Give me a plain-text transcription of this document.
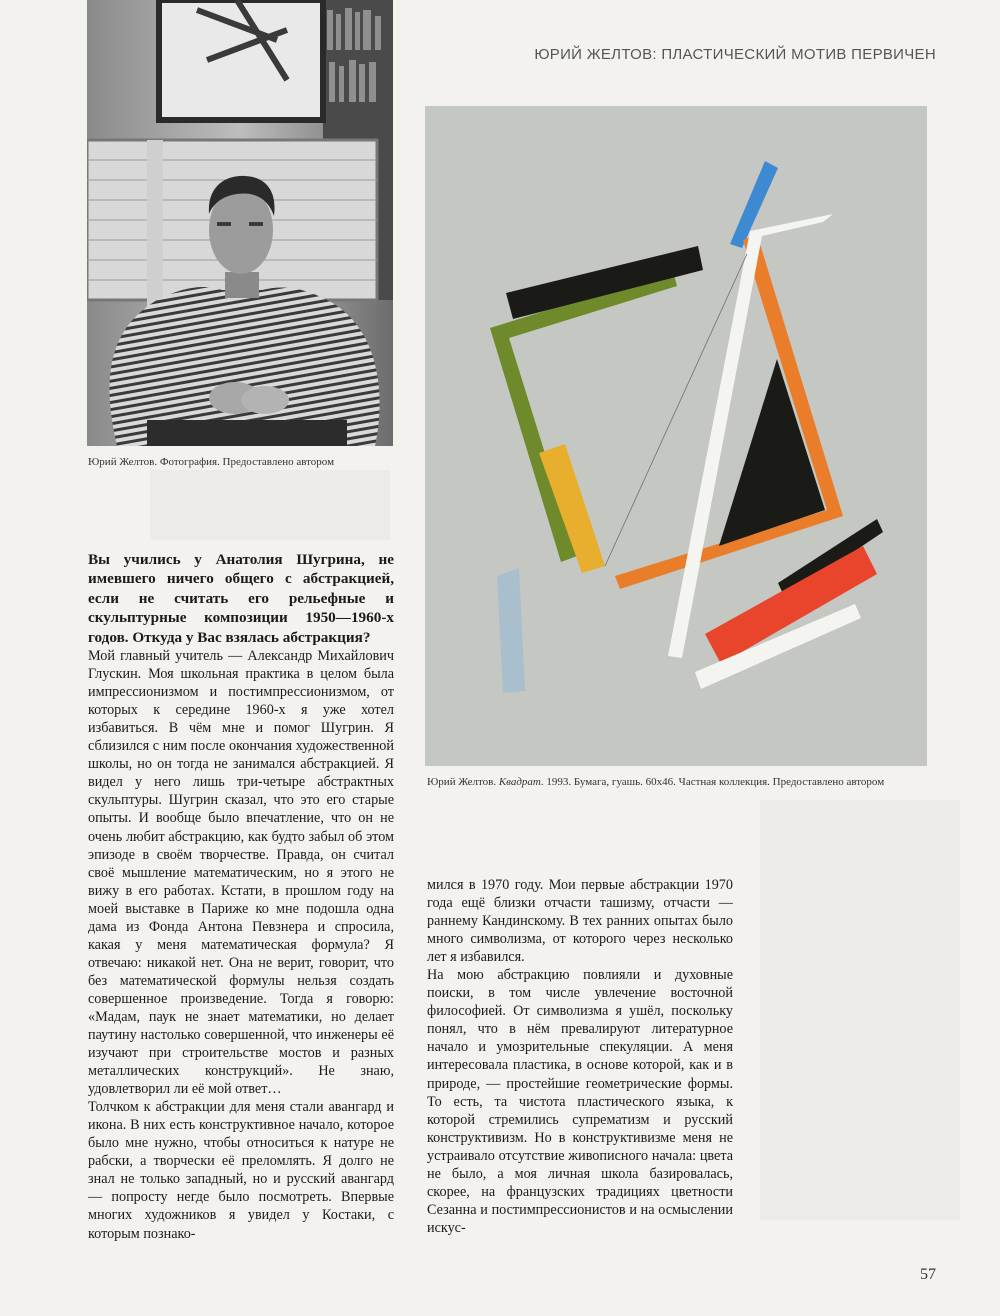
ЮРИЙ ЖЕЛТОВ: ПЛАСТИЧЕСКИЙ МОТИВ ПЕРВИЧЕН
Юрий Желтов. Фотография. Предоставлено автором
Юрий Желтов. Квадрат. 1993. Бумага, гуашь. 60х46. Частная коллекция. Предоставлено автором

Вы учились у Анатолия Шугрина, не имевшего ничего общего с абстракцией, если не считать его рельефные и скульптурные композиции 1950—1960-х годов. Откуда у Вас взялась абстракция?

Мой главный учитель — Александр Михайлович Глускин. Моя школьная практика в целом была импрессионизмом и постимпрессионизмом, от которых к середине 1960-х я уже хотел избавиться. В чём мне и помог Шугрин. Я сблизился с ним после окончания художественной школы, но он тогда не занимался абстракцией. Я видел у него лишь три-четыре абстрактных скульптуры. Шугрин сказал, что это его старые опыты. И вообще было впечатление, что он не очень любит абстракцию, как будто забыл об этом эпизоде в своём творчестве. Правда, он считал своё мышление математическим, но я этого не вижу в его работах. Кстати, в прошлом году на моей выставке в Париже ко мне подошла одна дама из Фонда Антона Певзнера и спросила, какая у меня математическая формула? Я отвечаю: никакой нет. Она не верит, говорит, что без математической формулы нельзя создать совершенное произведение. Тогда я говорю: «Мадам, паук не знает математики, но делает паутину настолько совершенной, что инженеры её изучают при строительстве мостов и разных металлических конструкций». Не знаю, удовлетворил ли её мой ответ…

Толчком к абстракции для меня стали авангард и икона. В них есть конструктивное начало, которое было мне нужно, чтобы относиться к натуре не рабски, а творчески её преломлять. Я долго не знал не только западный, но и русский авангард — попросту негде было посмотреть. Впервые многих художников я увидел у Костаки, с которым познако-

мился в 1970 году. Мои первые абстракции 1970 года ещё близки отчасти ташизму, отчасти — раннему Кандинскому. В тех ранних опытах было много символизма, от которого через несколько лет я избавился.

На мою абстракцию повлияли и духовные поиски, в том числе увлечение восточной философией. От символизма я ушёл, поскольку понял, что в нём превалируют литературное начало и умозрительные спекуляции. А меня интересовала пластика, в основе которой, как и в природе, — простейшие геометрические формы. То есть, та чистота пластического языка, к которой стремились супрематизм и русский конструктивизм. Но в конструктивизме меня не устраивало отсутствие живописного начала: цвета не было, а моя личная школа базировалась, скорее, на французских традициях цветности Сезанна и постимпрессионистов и на осмыслении искус-

57
